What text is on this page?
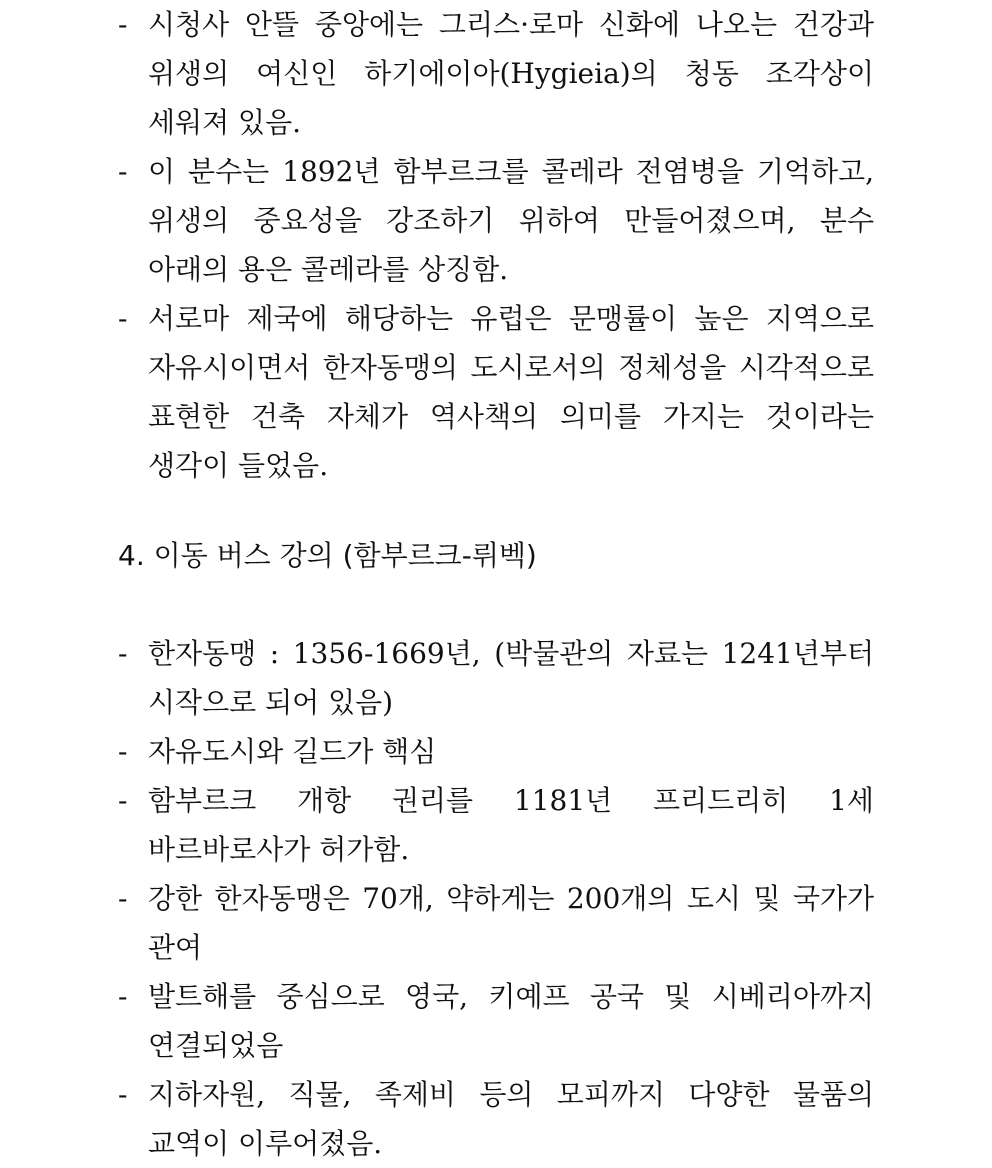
- 시청사 안뜰 중앙에는 그리스·로마 신화에 나오는 건강과 위생의 여신인 하기에이아(Hygieia)의 청동 조각상이 세워져 있음.
- 이 분수는 1892년 함부르크를 콜레라 전염병을 기억하고, 위생의 중요성을 강조하기 위하여 만들어졌으며, 분수 아래의 용은 콜레라를 상징함.
- 서로마 제국에 해당하는 유럽은 문맹률이 높은 지역으로 자유시이면서 한자동맹의 도시로서의 정체성을 시각적으로 표현한 건축 자체가 역사책의 의미를 가지는 것이라는 생각이 들었음.
4. 이동 버스 강의 (함부르크-뤼벡)
- 한자동맹 : 1356-1669년, (박물관의 자료는 1241년부터 시작으로 되어 있음)
- 자유도시와 길드가 핵심
- 함부르크 개항 권리를 1181년 프리드리히 1세 바르바로사가 허가함.
- 강한 한자동맹은 70개, 약하게는 200개의 도시 및 국가가 관여
- 발트해를 중심으로 영국, 키예프 공국 및 시베리아까지 연결되었음
- 지하자원, 직물, 족제비 등의 모피까지 다양한 물품의 교역이 이루어졌음.
